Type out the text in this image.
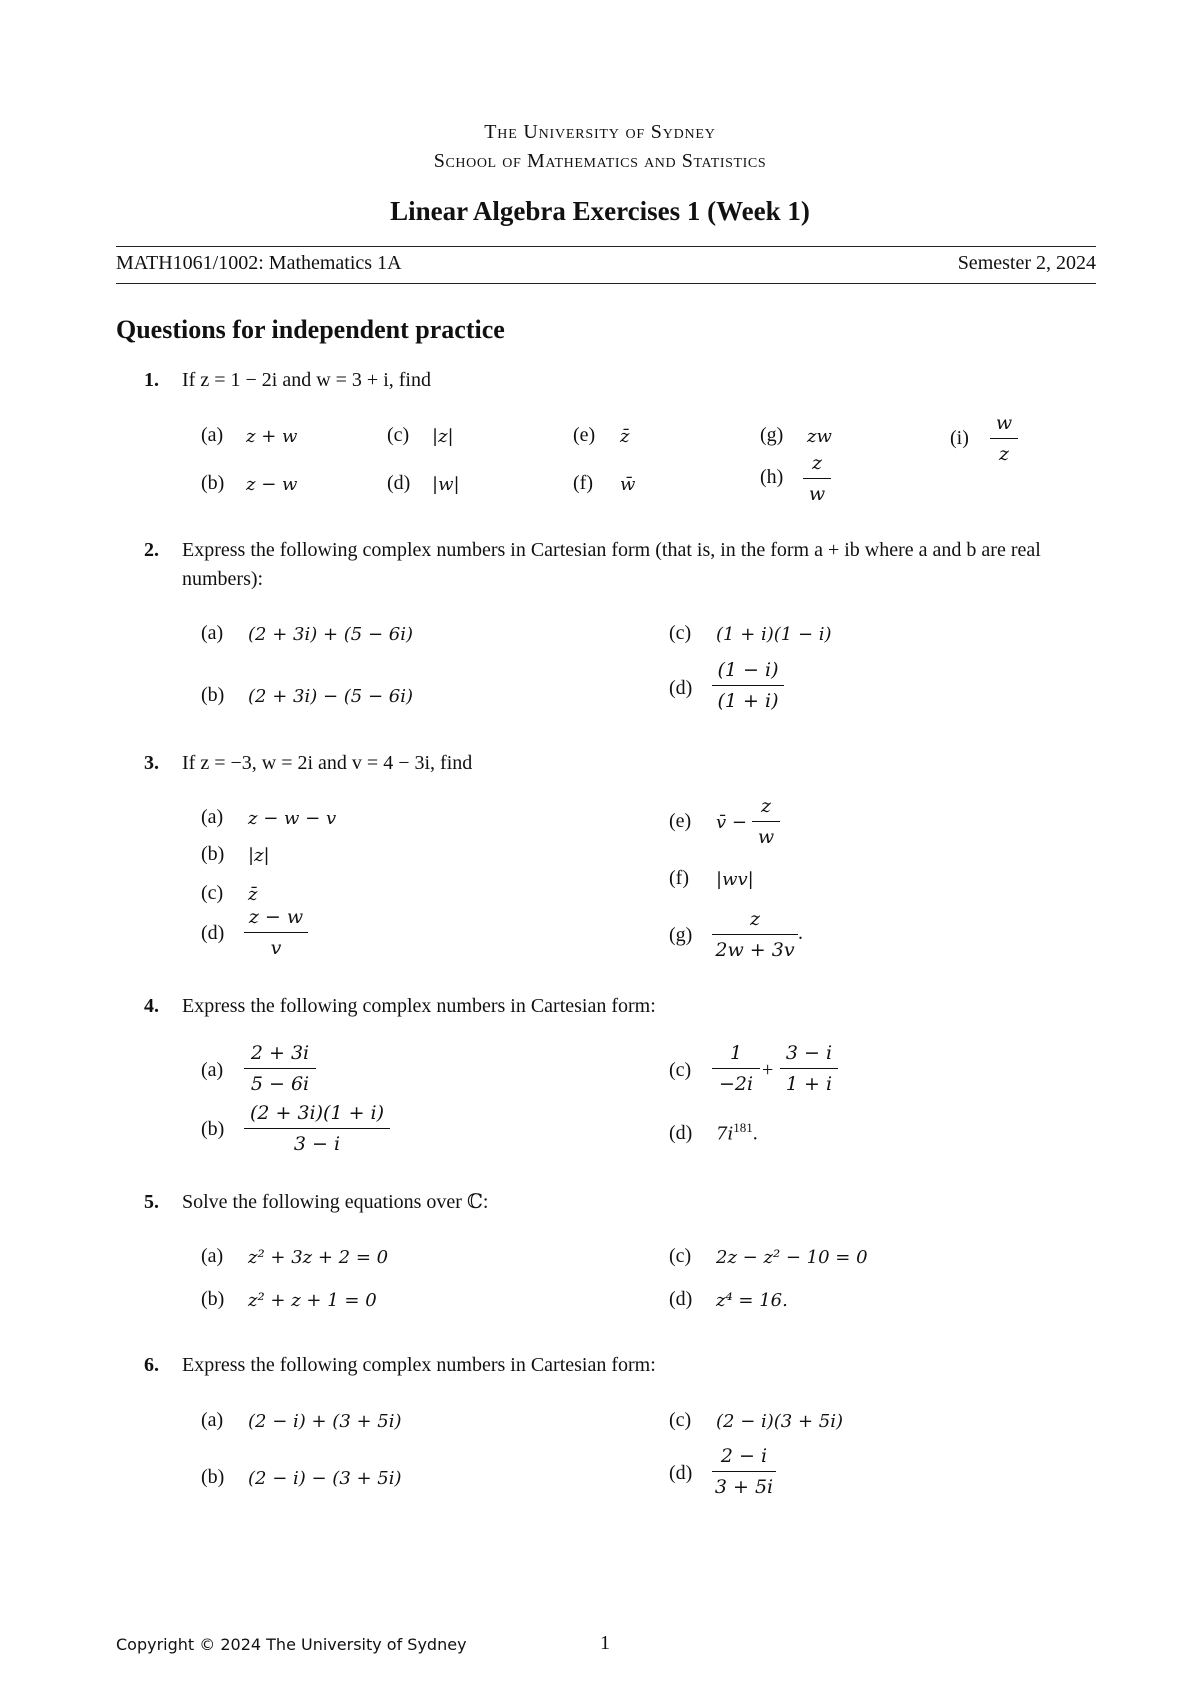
The University of Sydney
School of Mathematics and Statistics
Linear Algebra Exercises 1 (Week 1)
MATH1061/1002: Mathematics 1A	Semester 2, 2024
Questions for independent practice
1. If z = 1 − 2i and w = 3 + i, find
(a) z + w
(b) z − w
(c) |z|
(d) |w|
(e) z̄
(f) w̄
(g) zw
$(h) \frac{z}{w}$
$(i) \frac{w}{z}$
2. Express the following complex numbers in Cartesian form (that is, in the form a + ib where a and b are real numbers):
(a) (2 + 3i) + (5 − 6i)
(b) (2 + 3i) − (5 − 6i)
(c) (1 + i)(1 − i)
$(d) \frac{(1 - i)}{(1 + i)}$
3. If z = −3, w = 2i and v = 4 − 3i, find
(a) z − w − v
(b) |z|
(c) z̄
$(d) \frac{z - w}{v}$
(e) v̄ − $\frac{z}{w}$
(f) |wv|
$(g) \frac{z}{2w + 3v}$ .
4. Express the following complex numbers in Cartesian form:
$(a) \frac{2 + 3i}{5 - 6i}$
$(b) \frac{(2 + 3i)(1 + i)}{3 - i}$
$(c) \frac{1}{-2i} + \frac{3 - i}{1 + i}$
(d) $7i^{181}$.
5. Solve the following equations over ℂ:
(a) z² + 3z + 2 = 0
(b) z² + z + 1 = 0
(c) 2z − z² − 10 = 0
(d) z⁴ = 16.
6. Express the following complex numbers in Cartesian form:
(a) (2 − i) + (3 + 5i)
(b) (2 − i) − (3 + 5i)
(c) (2 − i)(3 + 5i)
$(d) \frac{2 - i}{3 + 5i}$
Copyright © 2024 The University of Sydney	1
